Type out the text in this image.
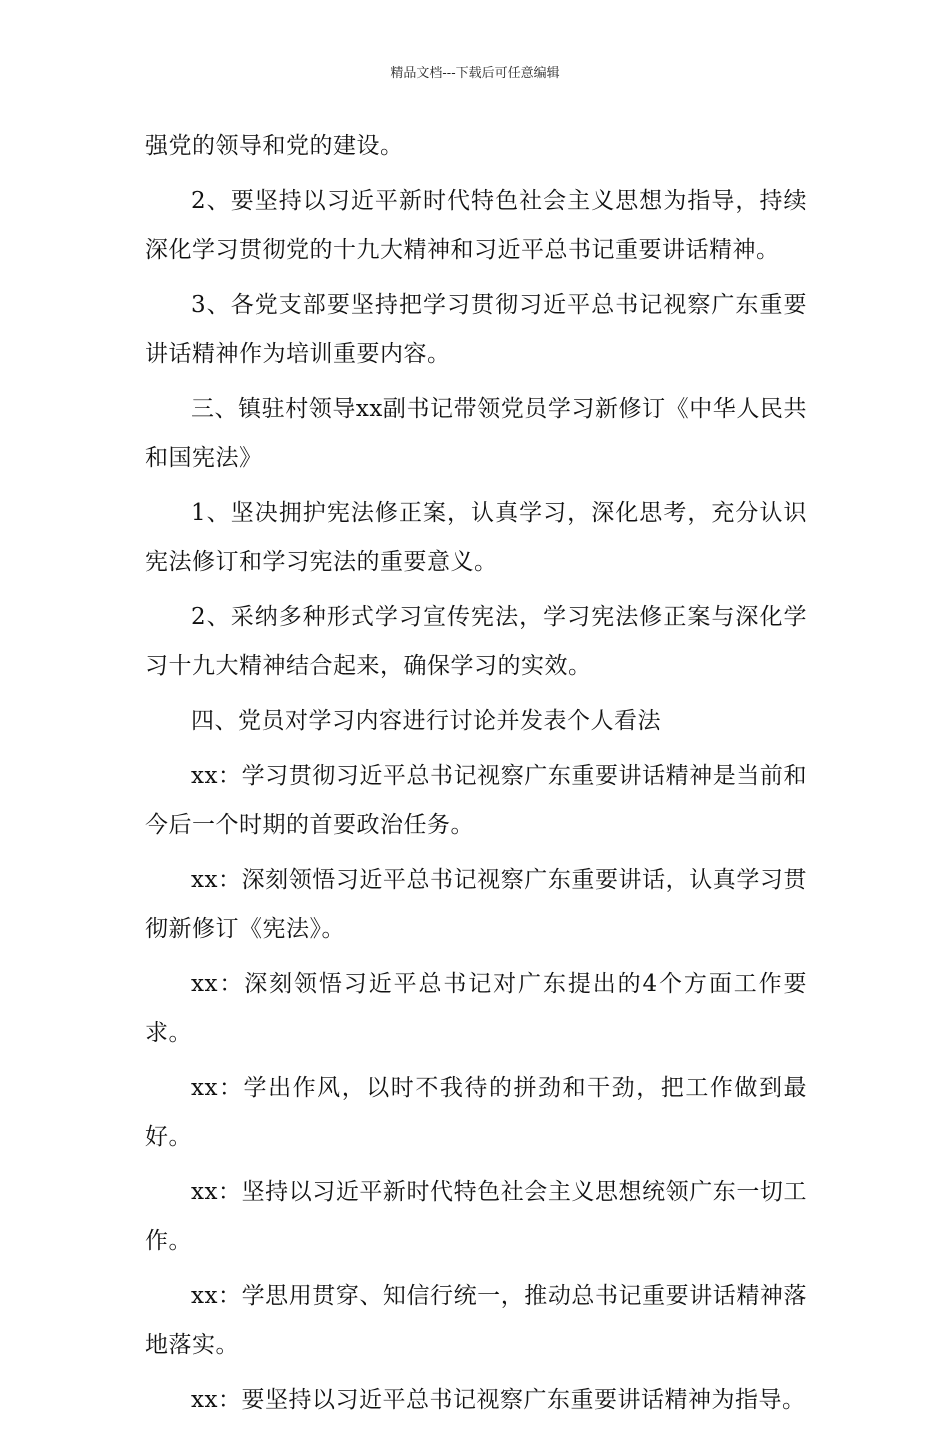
精品文档---下载后可任意编辑

强党的领导和党的建设。

2、要坚持以习近平新时代特色社会主义思想为指导，持续深化学习贯彻党的十九大精神和习近平总书记重要讲话精神。

3、各党支部要坚持把学习贯彻习近平总书记视察广东重要讲话精神作为培训重要内容。

三、镇驻村领导xx副书记带领党员学习新修订《中华人民共和国宪法》

1、坚决拥护宪法修正案，认真学习，深化思考，充分认识宪法修订和学习宪法的重要意义。

2、采纳多种形式学习宣传宪法，学习宪法修正案与深化学习十九大精神结合起来，确保学习的实效。

四、党员对学习内容进行讨论并发表个人看法

xx：学习贯彻习近平总书记视察广东重要讲话精神是当前和今后一个时期的首要政治任务。

xx：深刻领悟习近平总书记视察广东重要讲话，认真学习贯彻新修订《宪法》。

xx：深刻领悟习近平总书记对广东提出的4个方面工作要求。

xx：学出作风，以时不我待的拼劲和干劲，把工作做到最好。

xx：坚持以习近平新时代特色社会主义思想统领广东一切工作。

xx：学思用贯穿、知信行统一，推动总书记重要讲话精神落地落实。

xx：要坚持以习近平总书记视察广东重要讲话精神为指导。
